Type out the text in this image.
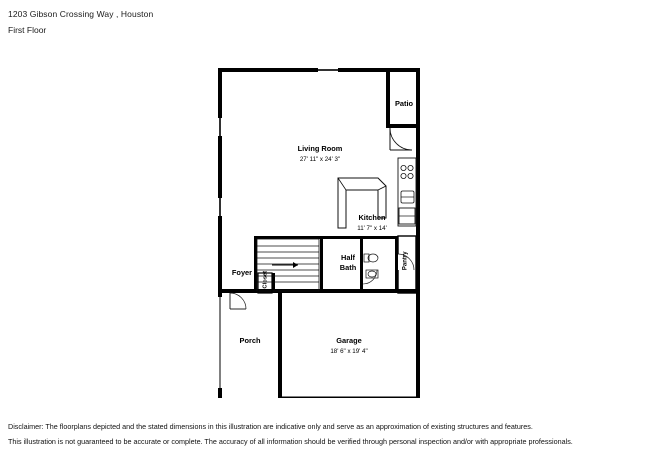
1203 Gibson Crossing Way , Houston
First Floor
Living Room
27' 11" x 24' 3"
Patio
Kitchen
11' 7" x 14'
Pantry
Half Bath
Foyer	Closet
Porch	Garage
18' 6" x 19' 4"
Disclaimer: The floorplans depicted and the stated dimensions in this illustration are indicative only and serve as an approximation of existing structures and features.
This illustration is not guaranteed to be accurate or complete. The accuracy of all information should be verified through personal inspection and/or with appropriate professionals.
